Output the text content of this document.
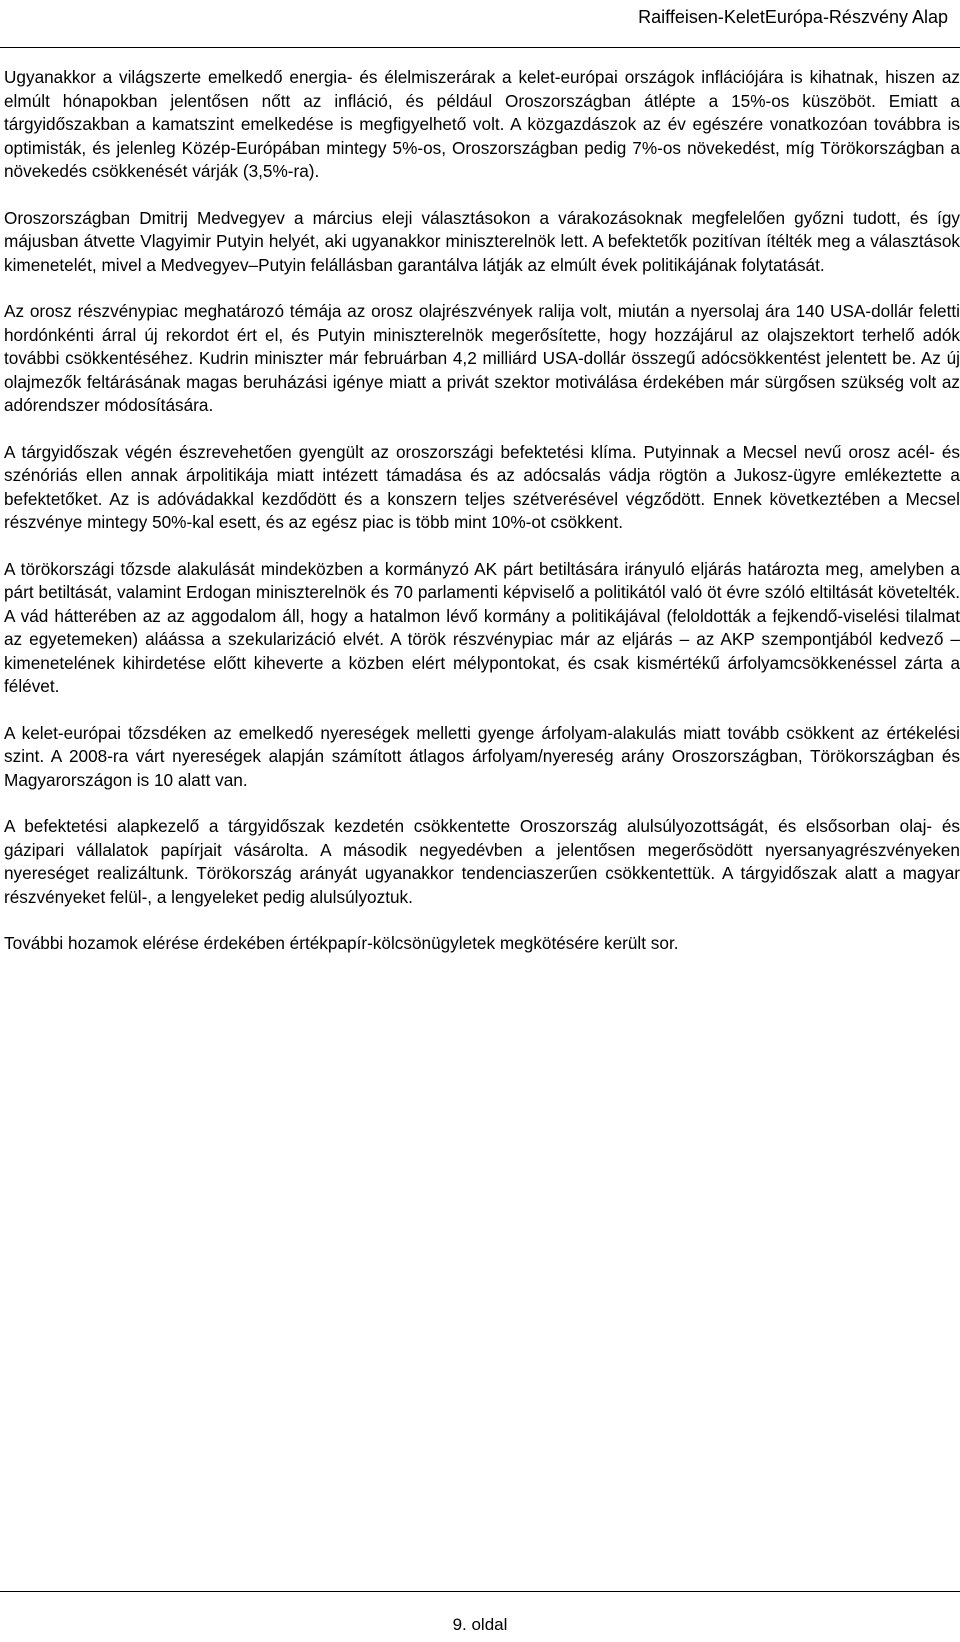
Raiffeisen-KeletEurópa-Részvény Alap

Ugyanakkor a világszerte emelkedő energia- és élelmiszerárak a kelet-európai országok inflációjára is kihatnak, hiszen az elmúlt hónapokban jelentősen nőtt az infláció, és például Oroszországban átlépte a 15%-os küszöböt. Emiatt a tárgyidőszakban a kamatszint emelkedése is megfigyelhető volt. A közgazdászok az év egészére vonatkozóan továbbra is optimisták, és jelenleg Közép-Európában mintegy 5%-os, Oroszországban pedig 7%-os növekedést, míg Törökországban a növekedés csökkenését várják (3,5%-ra).

Oroszországban Dmitrij Medvegyev a március eleji választásokon a várakozásoknak megfelelően győzni tudott, és így májusban átvette Vlagyimir Putyin helyét, aki ugyanakkor miniszterelnök lett. A befektetők pozitívan ítélték meg a választások kimenetelét, mivel a Medvegyev–Putyin felállásban garantálva látják az elmúlt évek politikájának folytatását.

Az orosz részvénypiac meghatározó témája az orosz olajrészvények ralija volt, miután a nyersolaj ára 140 USA-dollár feletti hordónkénti árral új rekordot ért el, és Putyin miniszterelnök megerősítette, hogy hozzájárul az olajszektort terhelő adók további csökkentéséhez. Kudrin miniszter már februárban 4,2 milliárd USA-dollár összegű adócsökkentést jelentett be. Az új olajmezők feltárásának magas beruházási igénye miatt a privát szektor motiválása érdekében már sürgősen szükség volt az adórendszer módosítására.

A tárgyidőszak végén észrevehetően gyengült az oroszországi befektetési klíma. Putyinnak a Mecsel nevű orosz acél- és szénóriás ellen annak árpolitikája miatt intézett támadása és az adócsalás vádja rögtön a Jukosz-ügyre emlékeztette a befektetőket. Az is adóvádakkal kezdődött és a konszern teljes szétverésével végződött. Ennek következtében a Mecsel részvénye mintegy 50%-kal esett, és az egész piac is több mint 10%-ot csökkent.

A törökországi tőzsde alakulását mindeközben a kormányzó AK párt betiltására irányuló eljárás határozta meg, amelyben a párt betiltását, valamint Erdogan miniszterelnök és 70 parlamenti képviselő a politikától való öt évre szóló eltiltását követelték. A vád hátterében az az aggodalom áll, hogy a hatalmon lévő kormány a politikájával (feloldották a fejkendő-viselési tilalmat az egyetemeken) aláássa a szekularizáció elvét. A török részvénypiac már az eljárás – az AKP szempontjából kedvező – kimenetelének kihirdetése előtt kiheverte a közben elért mélypontokat, és csak kismértékű árfolyamcsökkenéssel zárta a félévet.

A kelet-európai tőzsdéken az emelkedő nyereségek melletti gyenge árfolyam-alakulás miatt tovább csökkent az értékelési szint. A 2008-ra várt nyereségek alapján számított átlagos árfolyam/nyereség arány Oroszországban, Törökországban és Magyarországon is 10 alatt van.

A befektetési alapkezelő a tárgyidőszak kezdetén csökkentette Oroszország alulsúlyozottságát, és elsősorban olaj- és gázipari vállalatok papírjait vásárolta. A második negyedévben a jelentősen megerősödött nyersanyagrészvényeken nyereséget realizáltunk. Törökország arányát ugyanakkor tendenciaszerűen csökkentettük. A tárgyidőszak alatt a magyar részvényeket felül-, a lengyeleket pedig alulsúlyoztuk.

További hozamok elérése érdekében értékpapír-kölcsönügyletek megkötésére került sor.

9. oldal
